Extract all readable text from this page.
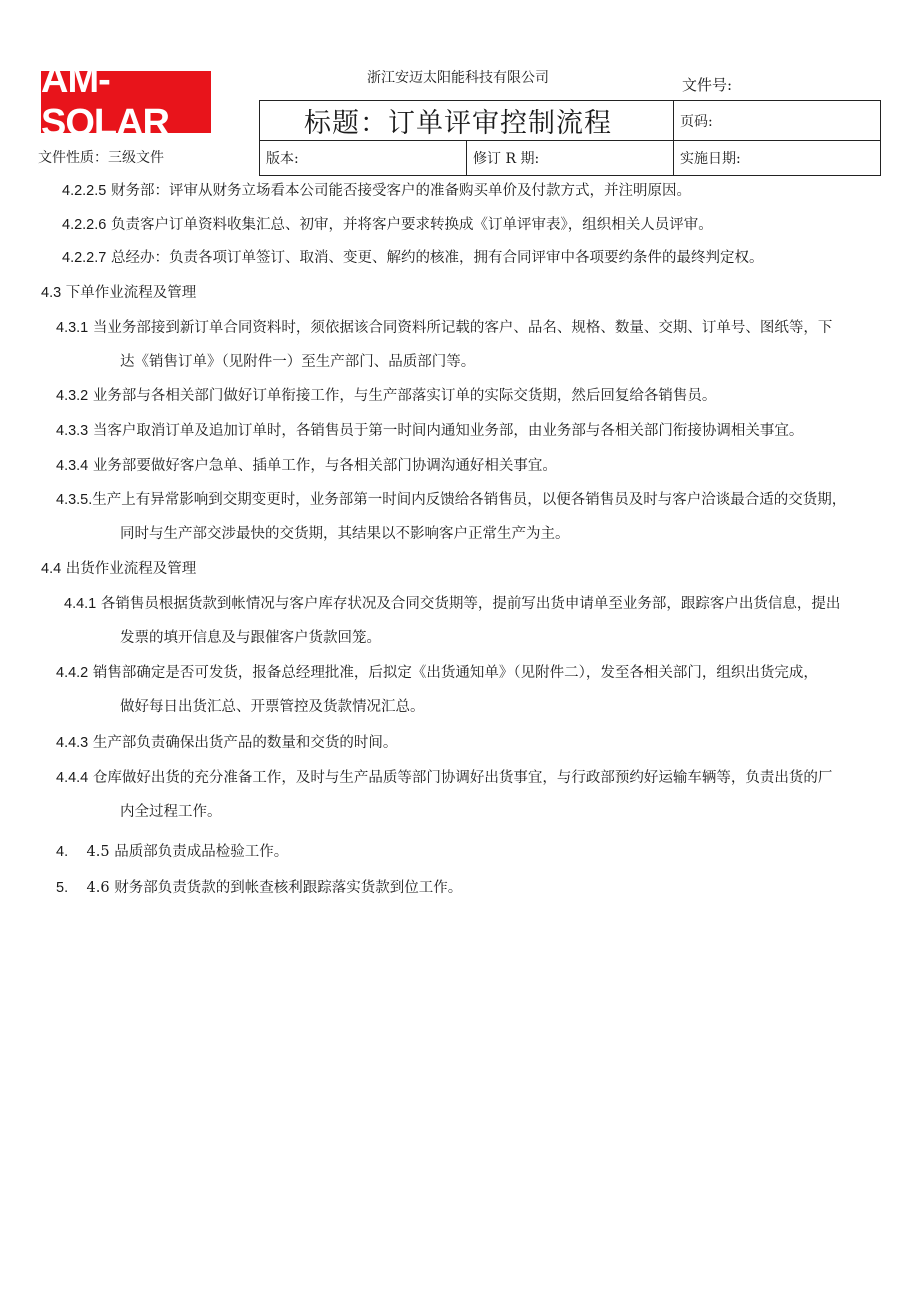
AM-SOLAR
浙江安迈太阳能科技有限公司	文件号:
文件性质：三级文件
标题：订单评审控制流程		页码:
版本:	修订 R 期:	实施日期:
4.2.2.5 财务部：评审从财务立场看本公司能否接受客户的准备购买单价及付款方式，并注明原因。
4.2.2.6 负责客户订单资料收集汇总、初审，并将客户要求转换成《订单评审表》，组织相关人员评审。
4.2.2.7 总经办：负责各项订单签订、取消、变更、解约的核准，拥有合同评审中各项要约条件的最终判定权。
4.3 下单作业流程及管理
4.3.1 当业务部接到新订单合同资料时，须依据该合同资料所记载的客户、品名、规格、数量、交期、订单号、图纸等，下
达《销售订单》（见附件一）至生产部门、品质部门等。
4.3.2 业务部与各相关部门做好订单衔接工作，与生产部落实订单的实际交货期，然后回复给各销售员。
4.3.3 当客户取消订单及追加订单时，各销售员于第一时间内通知业务部，由业务部与各相关部门衔接协调相关事宜。
4.3.4 业务部要做好客户急单、插单工作，与各相关部门协调沟通好相关事宜。
4.3.5.生产上有异常影响到交期变更时，业务部第一时间内反馈给各销售员，以便各销售员及时与客户洽谈最合适的交货期，
同时与生产部交涉最快的交货期，其结果以不影响客户正常生产为主。
4.4 出货作业流程及管理
4.4.1 各销售员根据货款到帐情况与客户库存状况及合同交货期等，提前写出货申请单至业务部，跟踪客户出货信息，提出
发票的填开信息及与跟催客户货款回笼。
4.4.2 销售部确定是否可发货，报备总经理批准，后拟定《出货通知单》（见附件二），发至各相关部门，组织出货完成，
做好每日出货汇总、开票管控及货款情况汇总。
4.4.3 生产部负责确保出货产品的数量和交货的时间。
4.4.4 仓库做好出货的充分准备工作，及时与生产品质等部门协调好出货事宜，与行政部预约好运输车辆等，负责出货的厂
内全过程工作。
4. 4.5 品质部负责成品检验工作。
5. 4.6 财务部负责货款的到帐查核利跟踪落实货款到位工作。
